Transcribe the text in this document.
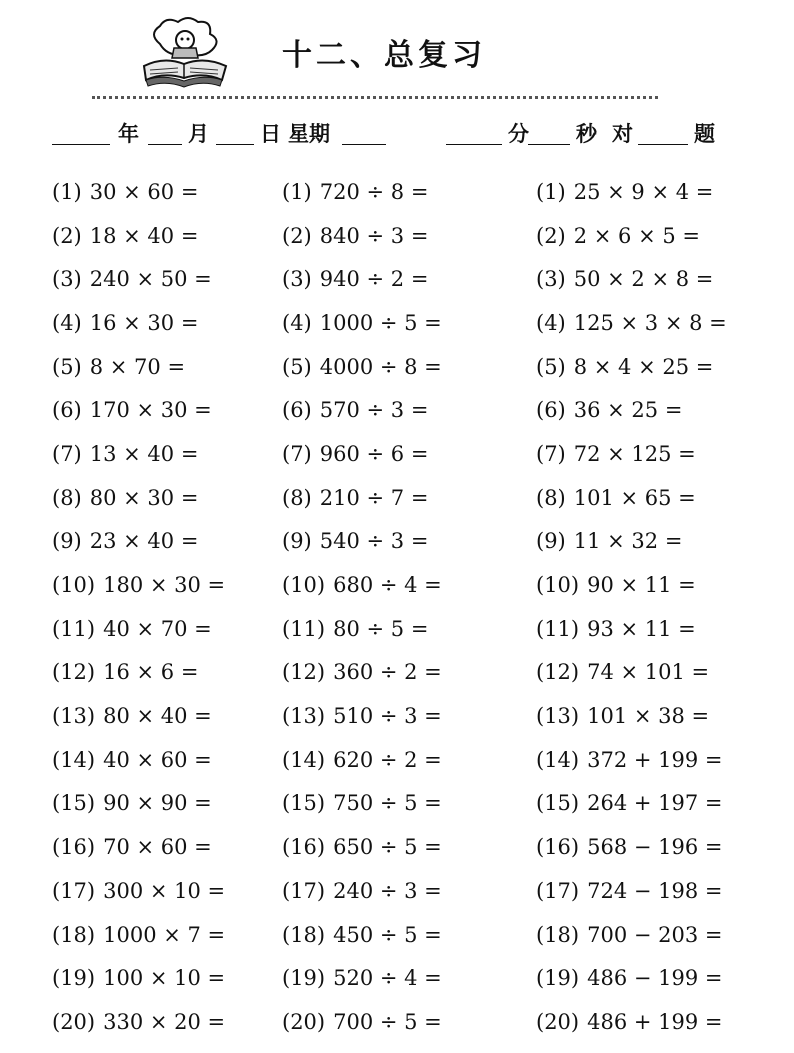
十二、总复习
年 月 日 星期	分 秒 对	题
(1) 30 × 60 =
(2) 18 × 40 =
(3) 240 × 50 =
(4) 16 × 30 =
(5) 8 × 70 =
(6) 170 × 30 =
(7) 13 × 40 =
(8) 80 × 30 =
(9) 23 × 40 =
(10) 180 × 30 =
(11) 40 × 70 =
(12) 16 × 6 =
(13) 80 × 40 =
(14) 40 × 60 =
(15) 90 × 90 =
(16) 70 × 60 =
(17) 300 × 10 =
(18) 1000 × 7 =
(19) 100 × 10 =
(20) 330 × 20 =
(1) 720 ÷ 8 =
(2) 840 ÷ 3 =
(3) 940 ÷ 2 =
(4) 1000 ÷ 5 =
(5) 4000 ÷ 8 =
(6) 570 ÷ 3 =
(7) 960 ÷ 6 =
(8) 210 ÷ 7 =
(9) 540 ÷ 3 =
(10) 680 ÷ 4 =
(11) 80 ÷ 5 =
(12) 360 ÷ 2 =
(13) 510 ÷ 3 =
(14) 620 ÷ 2 =
(15) 750 ÷ 5 =
(16) 650 ÷ 5 =
(17) 240 ÷ 3 =
(18) 450 ÷ 5 =
(19) 520 ÷ 4 =
(20) 700 ÷ 5 =
(1) 25 × 9 × 4 =
(2) 2 × 6 × 5 =
(3) 50 × 2 × 8 =
(4) 125 × 3 × 8 =
(5) 8 × 4 × 25 =
(6) 36 × 25 =
(7) 72 × 125 =
(8) 101 × 65 =
(9) 11 × 32 =
(10) 90 × 11 =
(11) 93 × 11 =
(12) 74 × 101 =
(13) 101 × 38 =
(14) 372 + 199 =
(15) 264 + 197 =
(16) 568 − 196 =
(17) 724 − 198 =
(18) 700 − 203 =
(19) 486 − 199 =
(20) 486 + 199 =
